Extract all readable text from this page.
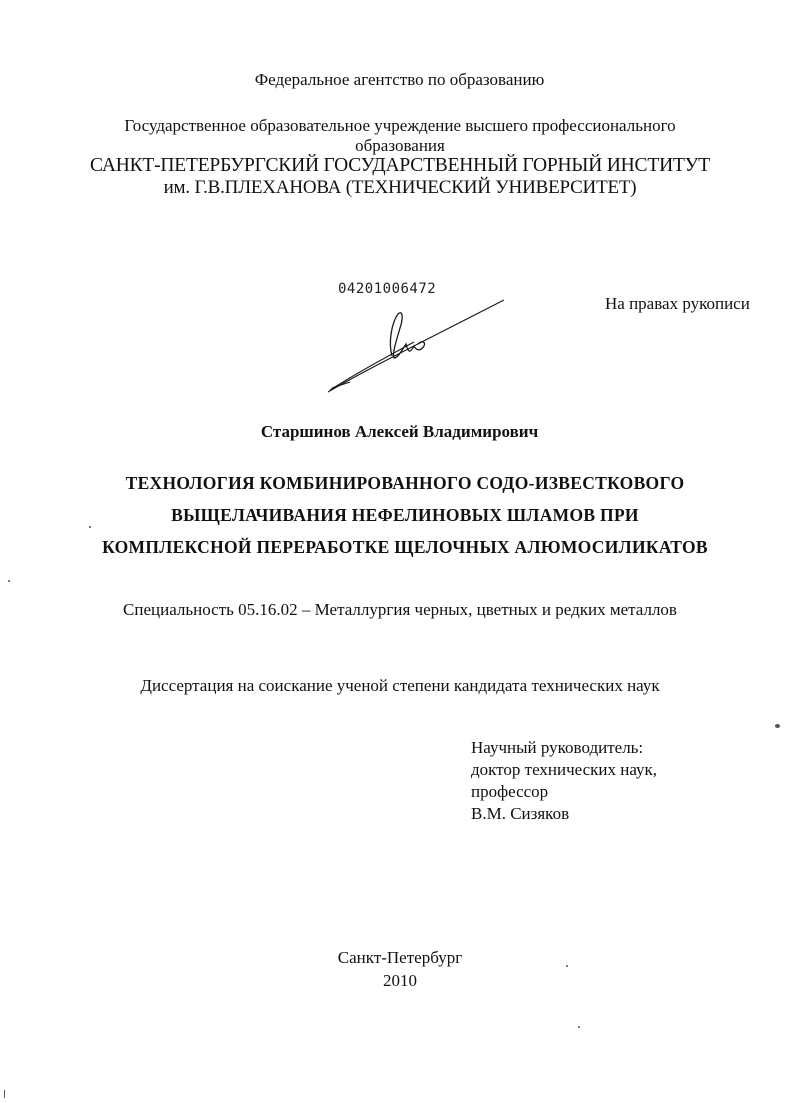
Федеральное агентство по образованию
Государственное образовательное учреждение высшего профессионального
образования
САНКТ-ПЕТЕРБУРГСКИЙ ГОСУДАРСТВЕННЫЙ ГОРНЫЙ ИНСТИТУТ
им. Г.В.ПЛЕХАНОВА (ТЕХНИЧЕСКИЙ УНИВЕРСИТЕТ)
04201006472
На правах рукописи
Старшинов Алексей Владимирович
ТЕХНОЛОГИЯ КОМБИНИРОВАННОГО СОДО-ИЗВЕСТКОВОГО
ВЫЩЕЛАЧИВАНИЯ НЕФЕЛИНОВЫХ ШЛАМОВ ПРИ
КОМПЛЕКСНОЙ ПЕРЕРАБОТКЕ ЩЕЛОЧНЫХ АЛЮМОСИЛИКАТОВ
Специальность 05.16.02 – Металлургия черных, цветных и редких металлов
Диссертация на соискание ученой степени кандидата технических наук
Научный руководитель:
доктор технических наук,
профессор
В.М. Сизяков
Санкт-Петербург
2010
